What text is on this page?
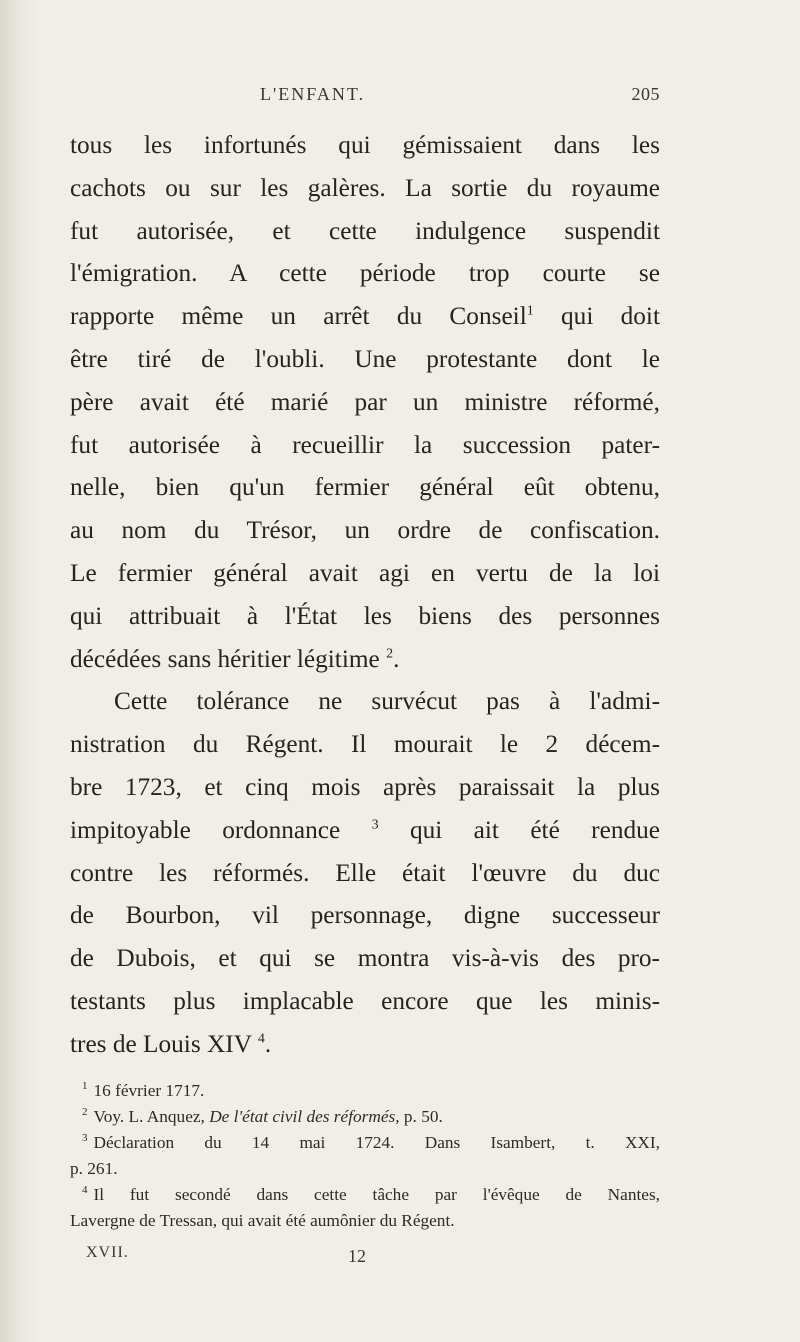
L'ENFANT.	205

tous les infortunés qui gémissaient dans les
cachots ou sur les galères. La sortie du royaume
fut autorisée, et cette indulgence suspendit
l'émigration. A cette période trop courte se
rapporte même un arrêt du Conseil$^1$ qui doit
être tiré de l'oubli. Une protestante dont le
père avait été marié par un ministre réformé,
fut autorisée à recueillir la succession pater-
nelle, bien qu'un fermier général eût obtenu,
au nom du Trésor, un ordre de confiscation.
Le fermier général avait agi en vertu de la loi
qui attribuait à l'État les biens des personnes
décédées sans héritier légitime $^2$.

Cette tolérance ne survécut pas à l'admi-
nistration du Régent. Il mourait le 2 décem-
bre 1723, et cinq mois après paraissait la plus
impitoyable ordonnance $^3$ qui ait été rendue
contre les réformés. Elle était l'œuvre du duc
de Bourbon, vil personnage, digne successeur
de Dubois, et qui se montra vis-à-vis des pro-
testants plus implacable encore que les minis-
tres de Louis XIV $^4$.

$^1$ 16 février 1717.

$^2$ Voy. L. Anquez, De l'état civil des réformés, p. 50.

$^3$ Déclaration du 14 mai 1724. Dans Isambert, t. XXI,
p. 261.

$^4$ Il fut secondé dans cette tâche par l'évêque de Nantes,
Lavergne de Tressan, qui avait été aumônier du Régent.

XVII.	12
